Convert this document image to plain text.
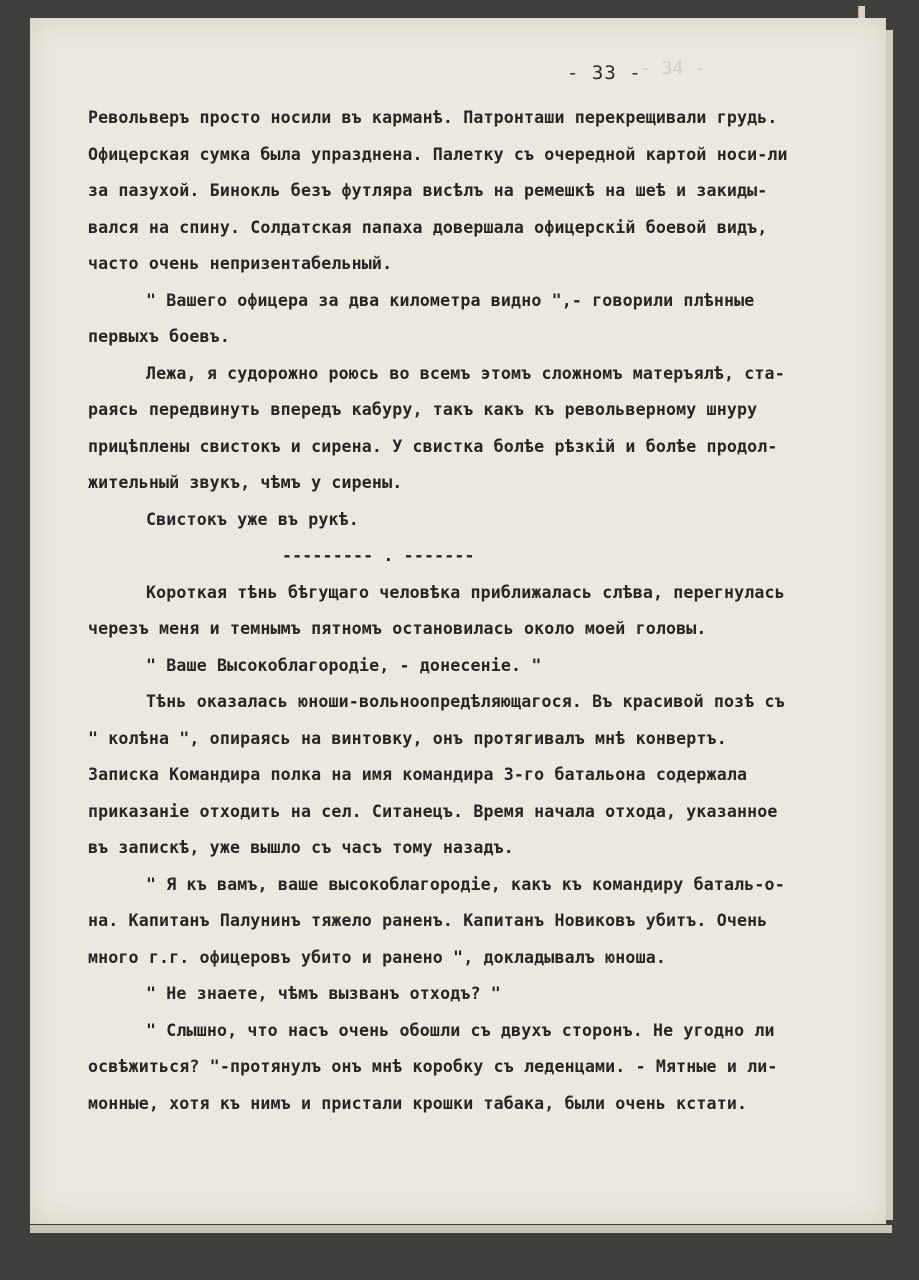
- 34 -
- 33 -
Револьверъ просто носили въ карманѣ. Патронташи перекрещивали грудь.
Офицерская сумка была упразднена. Палетку съ очередной картой носи-ли
за пазухой. Бинокль безъ футляра висѣлъ на ремешкѣ на шеѣ и закиды-
вался на спину. Солдатская папаха довершала офицерскій боевой видъ,
часто очень непризентабельный.
" Вашего офицера за два километра видно ",- говорили плѣнные
первыхъ боевъ.
Лежа, я судорожно роюсь во всемъ этомъ сложномъ матеръялѣ, ста-
раясь передвинуть впередъ кабуру, такъ какъ къ револьверному шнуру
прицѣплены свистокъ и сирена. У свистка болѣе рѣзкій и болѣе продол-
жительный звукъ, чѣмъ у сирены.
Свистокъ уже въ рукѣ.
--------- . -------
Короткая тѣнь бѣгущаго человѣка приближалась слѣва, перегнулась
черезъ меня и темнымъ пятномъ остановилась около моей головы.
" Ваше Высокоблагородіе, - донесеніе. "
Тѣнь оказалась юноши-вольноопредѣляющагося. Въ красивой позѣ съ
" колѣна ", опираясь на винтовку, онъ протягивалъ мнѣ конвертъ.
Записка Командира полка на имя командира 3-го батальона содержала
приказаніе отходить на сел. Ситанецъ. Время начала отхода, указанное
въ запискѣ, уже вышло съ часъ тому назадъ.
" Я къ вамъ, ваше высокоблагородіе, какъ къ командиру баталь-о-
на. Капитанъ Палунинъ тяжело раненъ. Капитанъ Новиковъ убитъ. Очень
много г.г. офицеровъ убито и ранено ", докладывалъ юноша.
" Не знаете, чѣмъ вызванъ отходъ? "
" Слышно, что насъ очень обошли съ двухъ сторонъ. Не угодно ли
освѣжиться? "-протянулъ онъ мнѣ коробку съ леденцами. - Мятные и ли-
монные, хотя къ нимъ и пристали крошки табака, были очень кстати.
